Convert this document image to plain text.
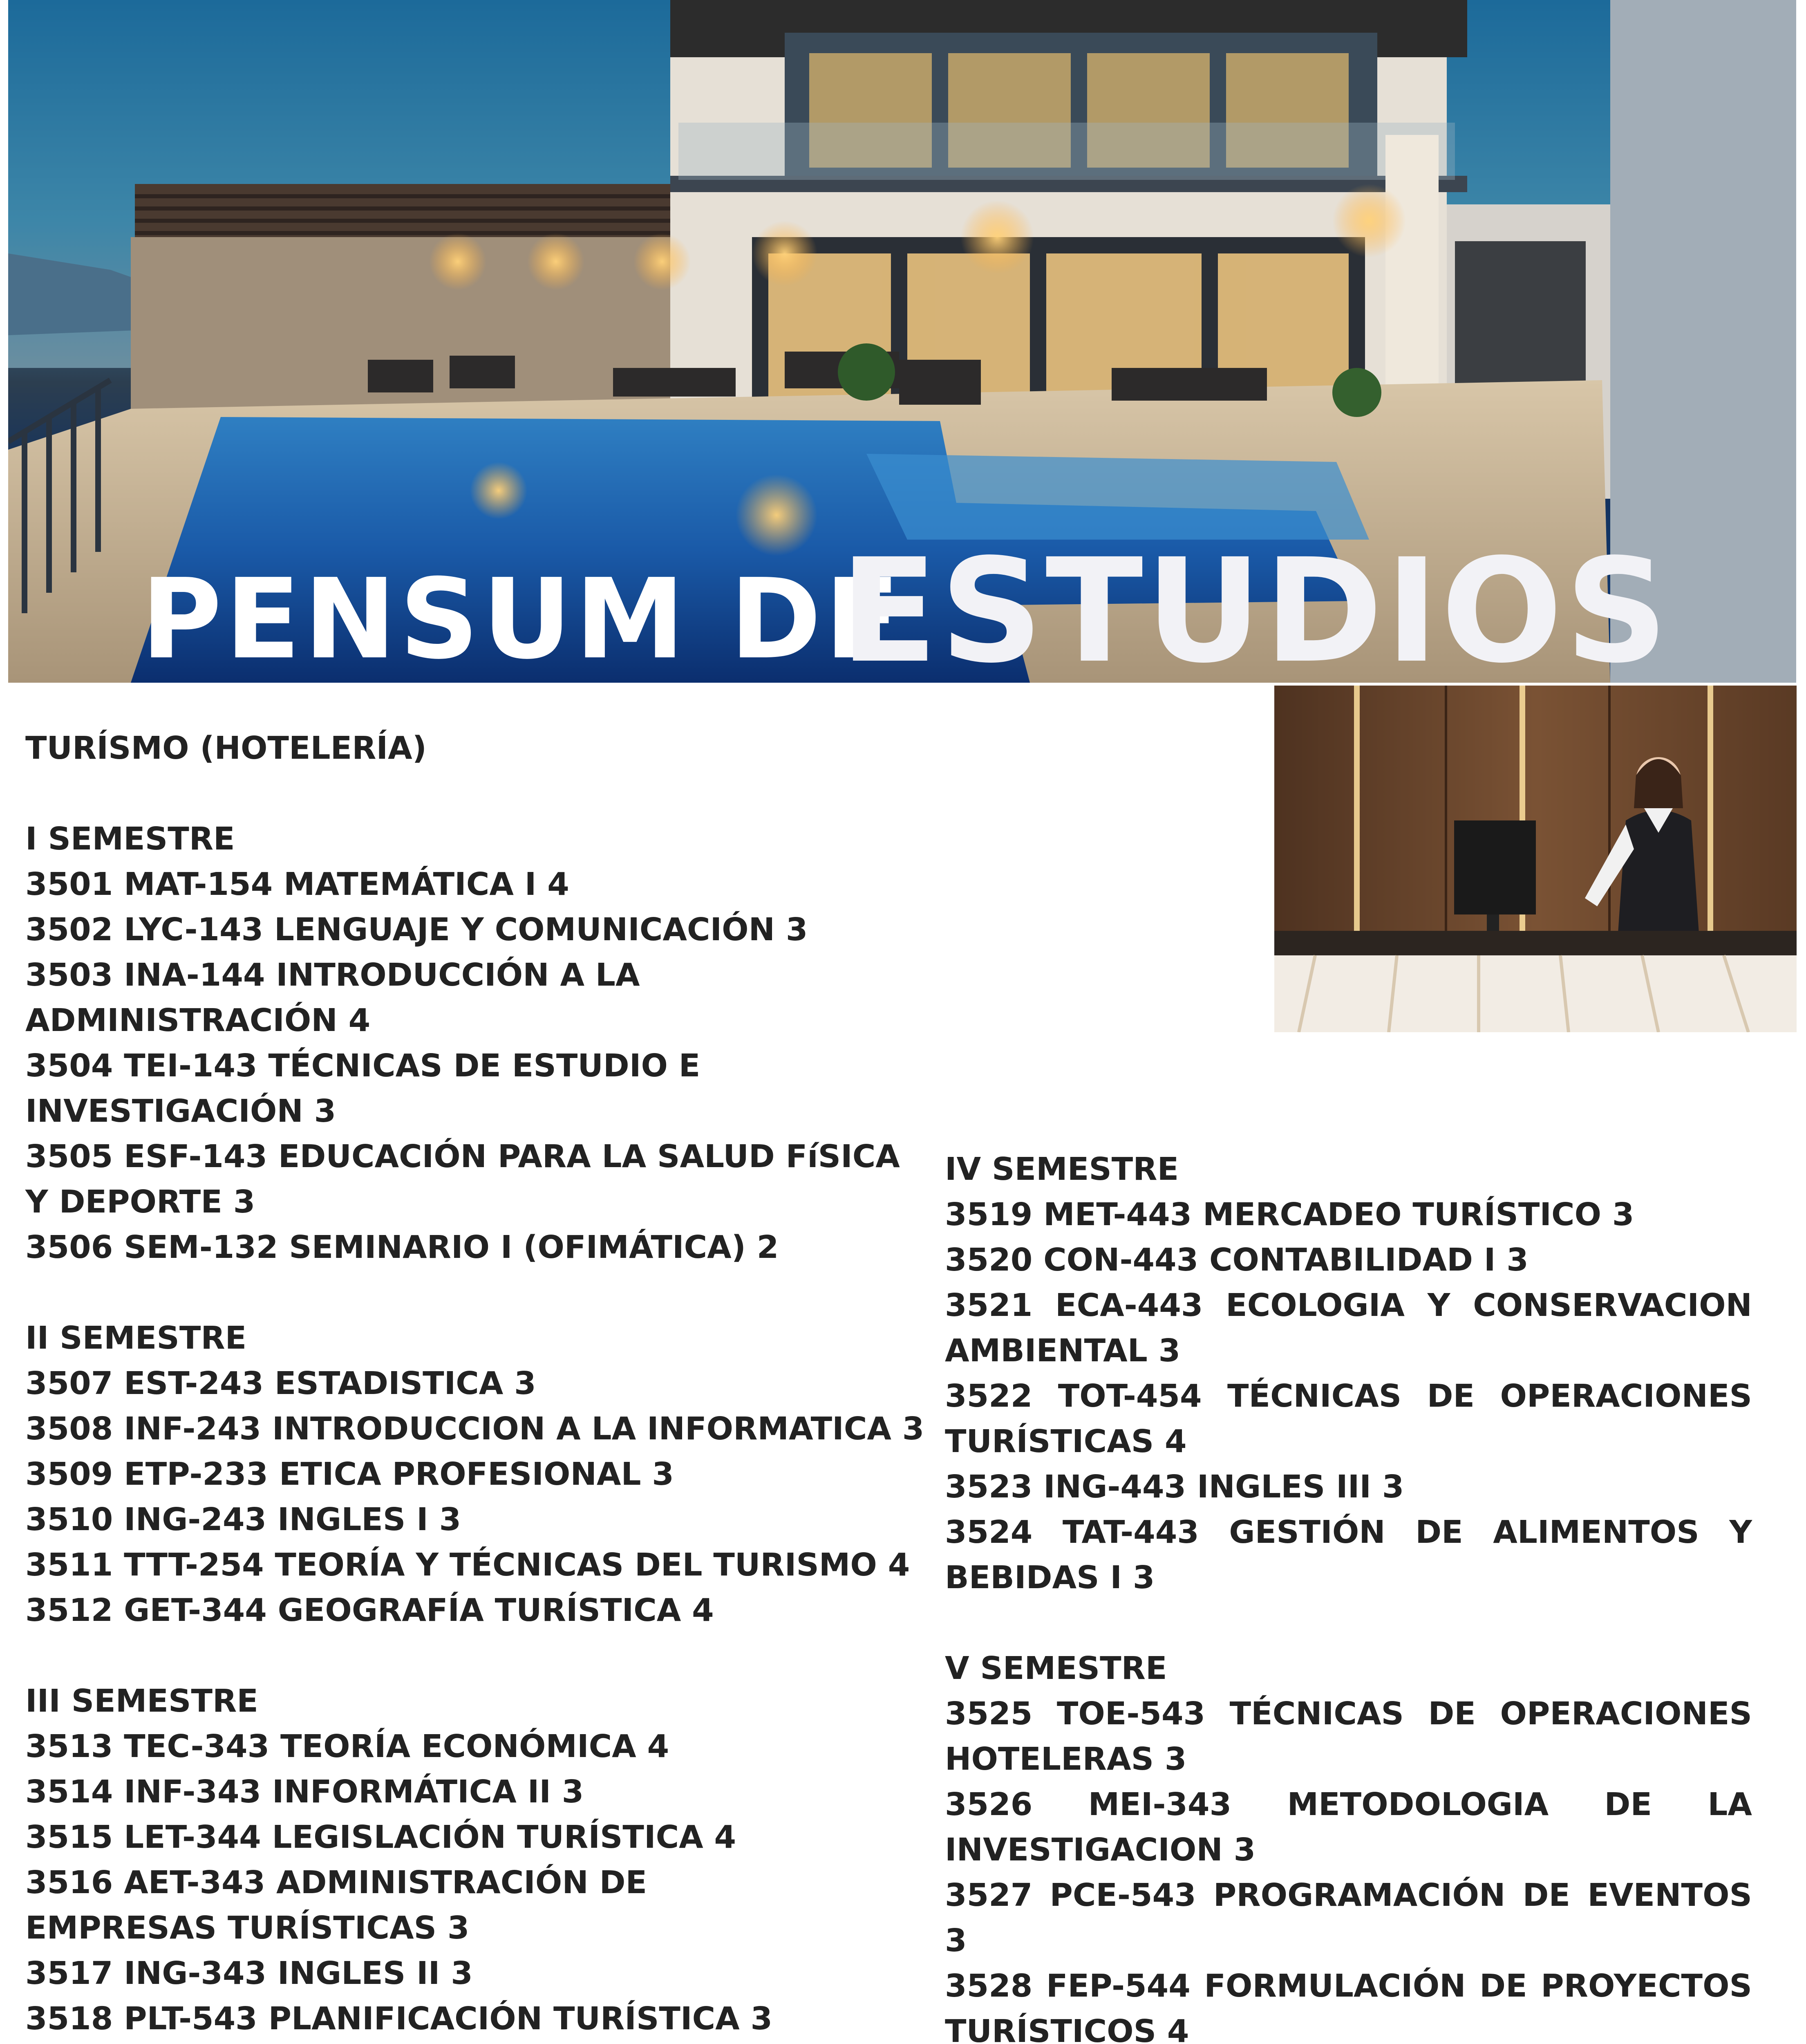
PENSUM DE
ESTUDIOS

TURÍSMO (HOTELERÍA)

I SEMESTRE

3501 MAT-154 MATEMÁTICA I 4

3502 LYC-143 LENGUAJE Y COMUNICACIÓN 3

3503 INA-144 INTRODUCCIÓN A LA ADMINISTRACIÓN 4

3504 TEI-143 TÉCNICAS DE ESTUDIO E INVESTIGACIÓN 3

3505 ESF-143 EDUCACIÓN PARA LA SALUD FíSICA Y DEPORTE 3

3506 SEM-132 SEMINARIO I (OFIMÁTICA) 2

II SEMESTRE

3507 EST-243 ESTADISTICA 3

3508 INF-243 INTRODUCCION A LA INFORMATICA 3

3509 ETP-233 ETICA PROFESIONAL 3

3510 ING-243 INGLES I 3

3511 TTT-254 TEORÍA Y TÉCNICAS DEL TURISMO 4

3512 GET-344 GEOGRAFÍA TURÍSTICA 4

III SEMESTRE

3513 TEC-343 TEORÍA ECONÓMICA 4

3514 INF-343 INFORMÁTICA II 3

3515 LET-344 LEGISLACIÓN TURÍSTICA 4

3516 AET-343 ADMINISTRACIÓN DE EMPRESAS TURÍSTICAS 3

3517 ING-343 INGLES II 3

3518 PLT-543 PLANIFICACIÓN TURÍSTICA 3

IV SEMESTRE

3519 MET-443 MERCADEO TURÍSTICO 3

3520 CON-443 CONTABILIDAD I 3

3521 ECA-443 ECOLOGIA Y CONSERVACION AMBIENTAL 3

3522 TOT-454 TÉCNICAS DE OPERACIONES TURÍSTICAS 4

3523 ING-443 INGLES III 3

3524 TAT-443 GESTIÓN DE ALIMENTOS Y BEBIDAS I 3

V SEMESTRE

3525 TOE-543 TÉCNICAS DE OPERACIONES HOTELERAS 3

3526 MEI-343 METODOLOGIA DE LA INVESTIGACION 3

3527 PCE-543 PROGRAMACIÓN DE EVENTOS 3

3528 FEP-544 FORMULACIÓN DE PROYECTOS TURÍSTICOS 4
